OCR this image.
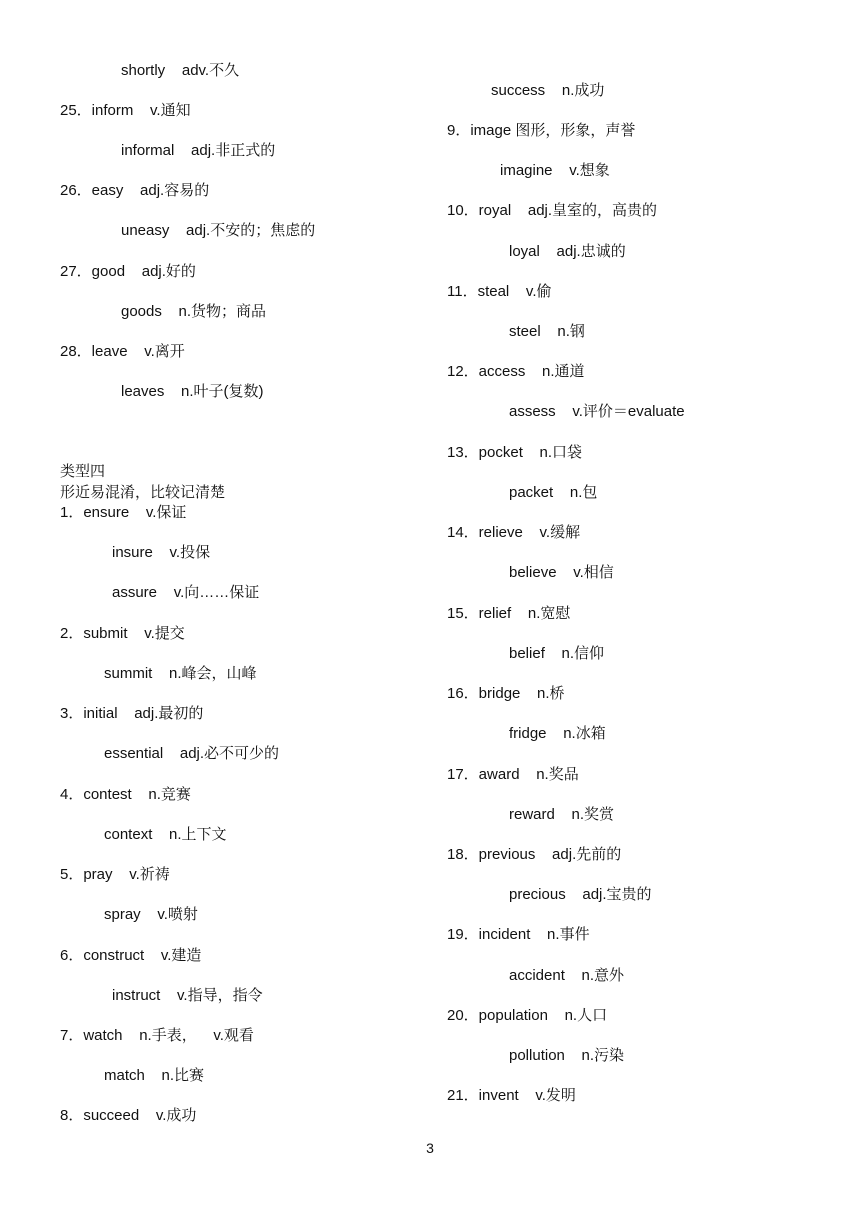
shortly    adv.不久
25．inform    v.通知
informal    adj.非正式的
26．easy    adj.容易的
uneasy    adj.不安的；焦虑的
27．good    adj.好的
goods    n.货物；商品
28．leave    v.离开
leaves    n.叶子(复数)
类型四
形近易混淆，比较记清楚
1．ensure    v.保证
insure    v.投保
assure    v.向……保证
2．submit    v.提交
summit    n.峰会，山峰
3．initial    adj.最初的
essential    adj.必不可少的
4．contest    n.竞赛
context    n.上下文
5．pray    v.祈祷
spray    v.喷射
6．construct    v.建造
instruct    v.指导，指令
7．watch    n.手表，    v.观看
match    n.比赛
8．succeed    v.成功
success    n.成功
9．image 图形，形象，声誉
imagine    v.想象
10．royal    adj.皇室的，高贵的
loyal    adj.忠诚的
11．steal    v.偷
steel    n.钢
12．access    n.通道
assess    v.评价＝evaluate
13．pocket    n.口袋
packet    n.包
14．relieve    v.缓解
believe    v.相信
15．relief    n.宽慰
belief    n.信仰
16．bridge    n.桥
fridge    n.冰箱
17．award    n.奖品
reward    n.奖赏
18．previous    adj.先前的
precious    adj.宝贵的
19．incident    n.事件
accident    n.意外
20．population    n.人口
pollution    n.污染
21．invent    v.发明
3
